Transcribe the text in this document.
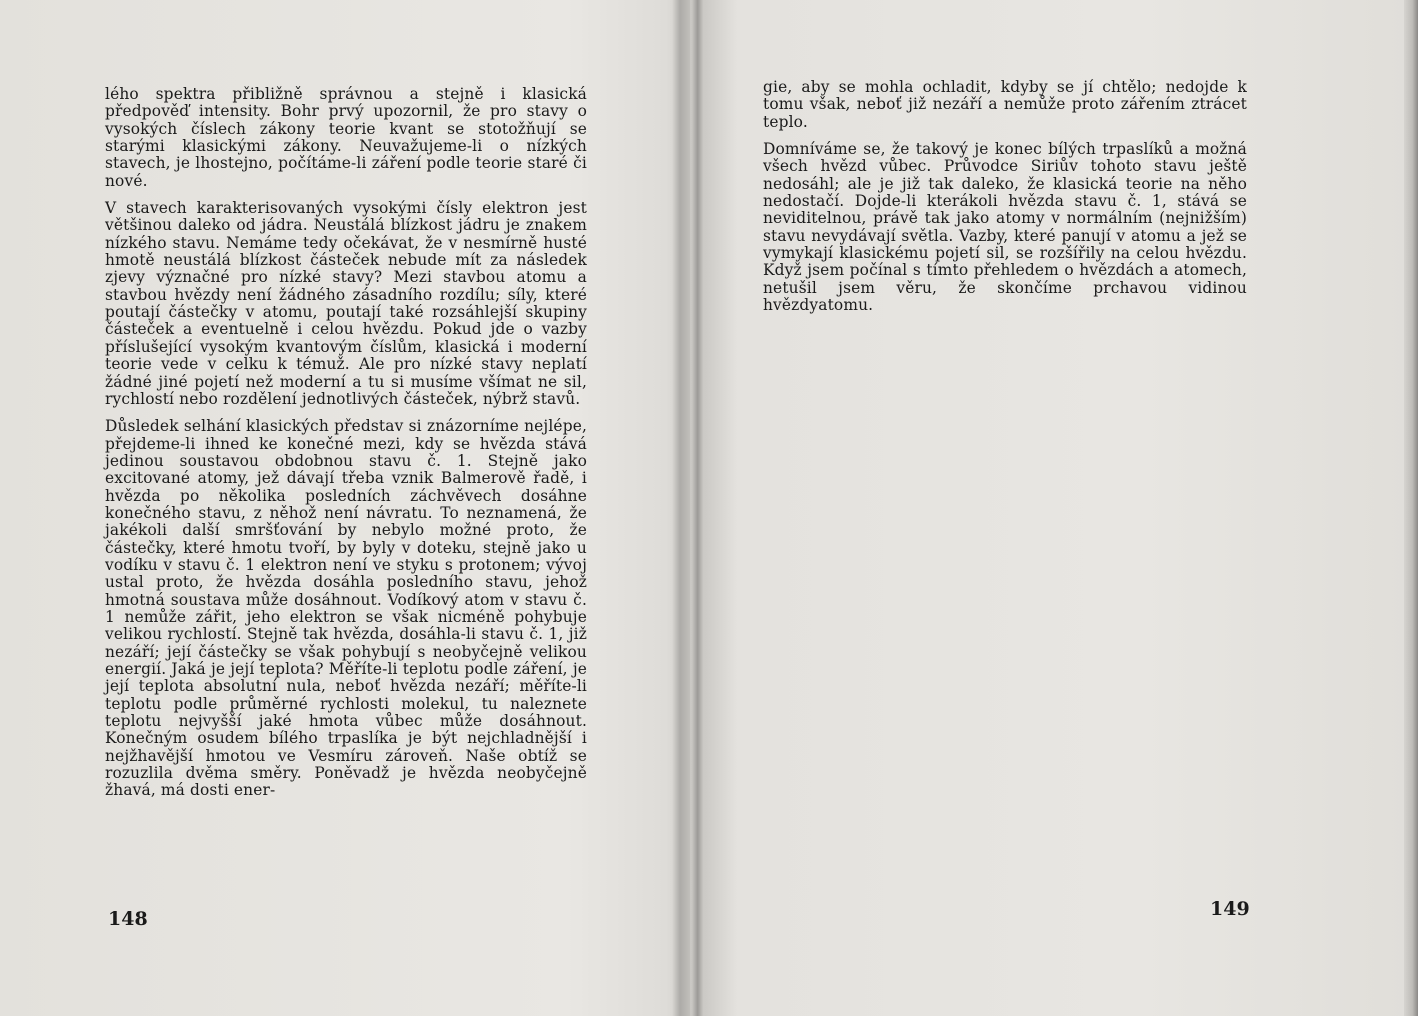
lého spektra přibližně správnou a stejně i klasická předpověď intensity. Bohr prvý upozornil, že pro stavy o vysokých číslech zákony teorie kvant se stotožňují se starými klasickými zákony. Neuvažujeme-li o nízkých stavech, je lhostejno, počítáme-li záření podle teorie staré či nové.

V stavech karakterisovaných vysokými čísly elektron jest většinou daleko od jádra. Neustálá blízkost jádru je znakem nízkého stavu. Nemáme tedy očekávat, že v nesmírně husté hmotě neustálá blízkost částeček nebude mít za následek zjevy význačné pro nízké stavy? Mezi stavbou atomu a stavbou hvězdy není žádného zásadního rozdílu; síly, které poutají částečky v atomu, poutají také rozsáhlejší skupiny částeček a eventuelně i celou hvězdu. Pokud jde o vazby příslušející vysokým kvantovým číslům, klasická i moderní teorie vede v celku k témuž. Ale pro nízké stavy neplatí žádné jiné pojetí než moderní a tu si musíme všímat ne sil, rychlostí nebo rozdělení jednotlivých částeček, nýbrž stavů.

Důsledek selhání klasických představ si znázorníme nejlépe, přejdeme-li ihned ke konečné mezi, kdy se hvězda stává jedinou soustavou obdobnou stavu č. 1. Stejně jako excitované atomy, jež dávají třeba vznik Balmerově řadě, i hvězda po několika posledních záchvěvech dosáhne konečného stavu, z něhož není návratu. To neznamená, že jakékoli další smršťování by nebylo možné proto, že částečky, které hmotu tvoří, by byly v doteku, stejně jako u vodíku v stavu č. 1 elektron není ve styku s protonem; vývoj ustal proto, že hvězda dosáhla posledního stavu, jehož hmotná soustava může dosáhnout. Vodíkový atom v stavu č. 1 nemůže zářit, jeho elektron se však nicméně pohybuje velikou rychlostí. Stejně tak hvězda, dosáhla-li stavu č. 1, již nezáří; její částečky se však pohybují s neobyčejně velikou energií. Jaká je její teplota? Měříte-li teplotu podle záření, je její teplota absolutní nula, neboť hvězda nezáří; měříte-li teplotu podle průměrné rychlosti molekul, tu naleznete teplotu nejvyšší jaké hmota vůbec může dosáhnout. Konečným osudem bílého trpaslíka je být nejchladnější i nejžhavější hmotou ve Vesmíru zároveň. Naše obtíž se rozuzlila dvěma směry. Poněvadž je hvězda neobyčejně žhavá, má dosti ener-

148

gie, aby se mohla ochladit, kdyby se jí chtělo; nedojde k tomu však, neboť již nezáří a nemůže proto zářením ztrácet teplo.

Domníváme se, že takový je konec bílých trpaslíků a možná všech hvězd vůbec. Průvodce Siriův tohoto stavu ještě nedosáhl; ale je již tak daleko, že klasická teorie na něho nedostačí. Dojde-li kterákoli hvězda stavu č. 1, stává se neviditelnou, právě tak jako atomy v normálním (nejnižším) stavu nevydávají světla. Vazby, které panují v atomu a jež se vymykají klasickému pojetí sil, se rozšířily na celou hvězdu. Když jsem počínal s tímto přehledem o hvězdách a atomech, netušil jsem věru, že skončíme prchavou vidinou hvězdyatomu.

149
